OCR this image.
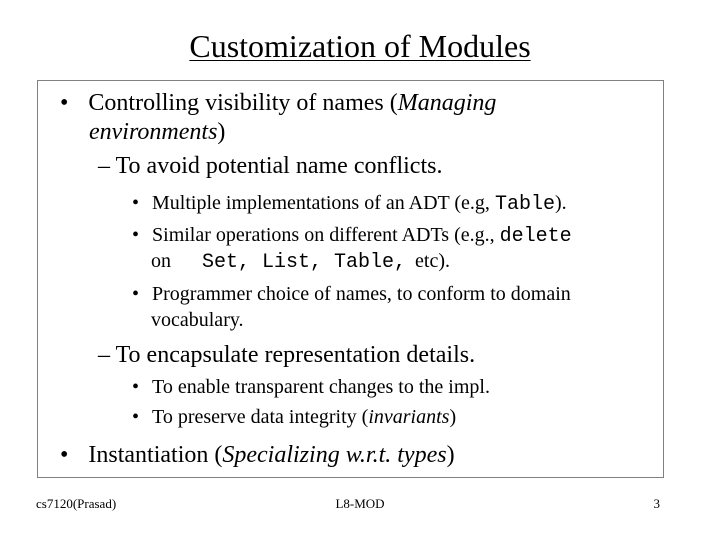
Customization of Modules
• Controlling visibility of names (Managing
environments)
– To avoid potential name conflicts.
• Multiple implementations of an ADT (e.g, Table).
• Similar operations on different ADTs (e.g., delete
on Set, List, Table, etc).
• Programmer choice of names, to conform to domain
vocabulary.
– To encapsulate representation details.
• To enable transparent changes to the impl.
• To preserve data integrity (invariants)
• Instantiation (Specializing w.r.t. types)
cs7120(Prasad)	L8-MOD	3
